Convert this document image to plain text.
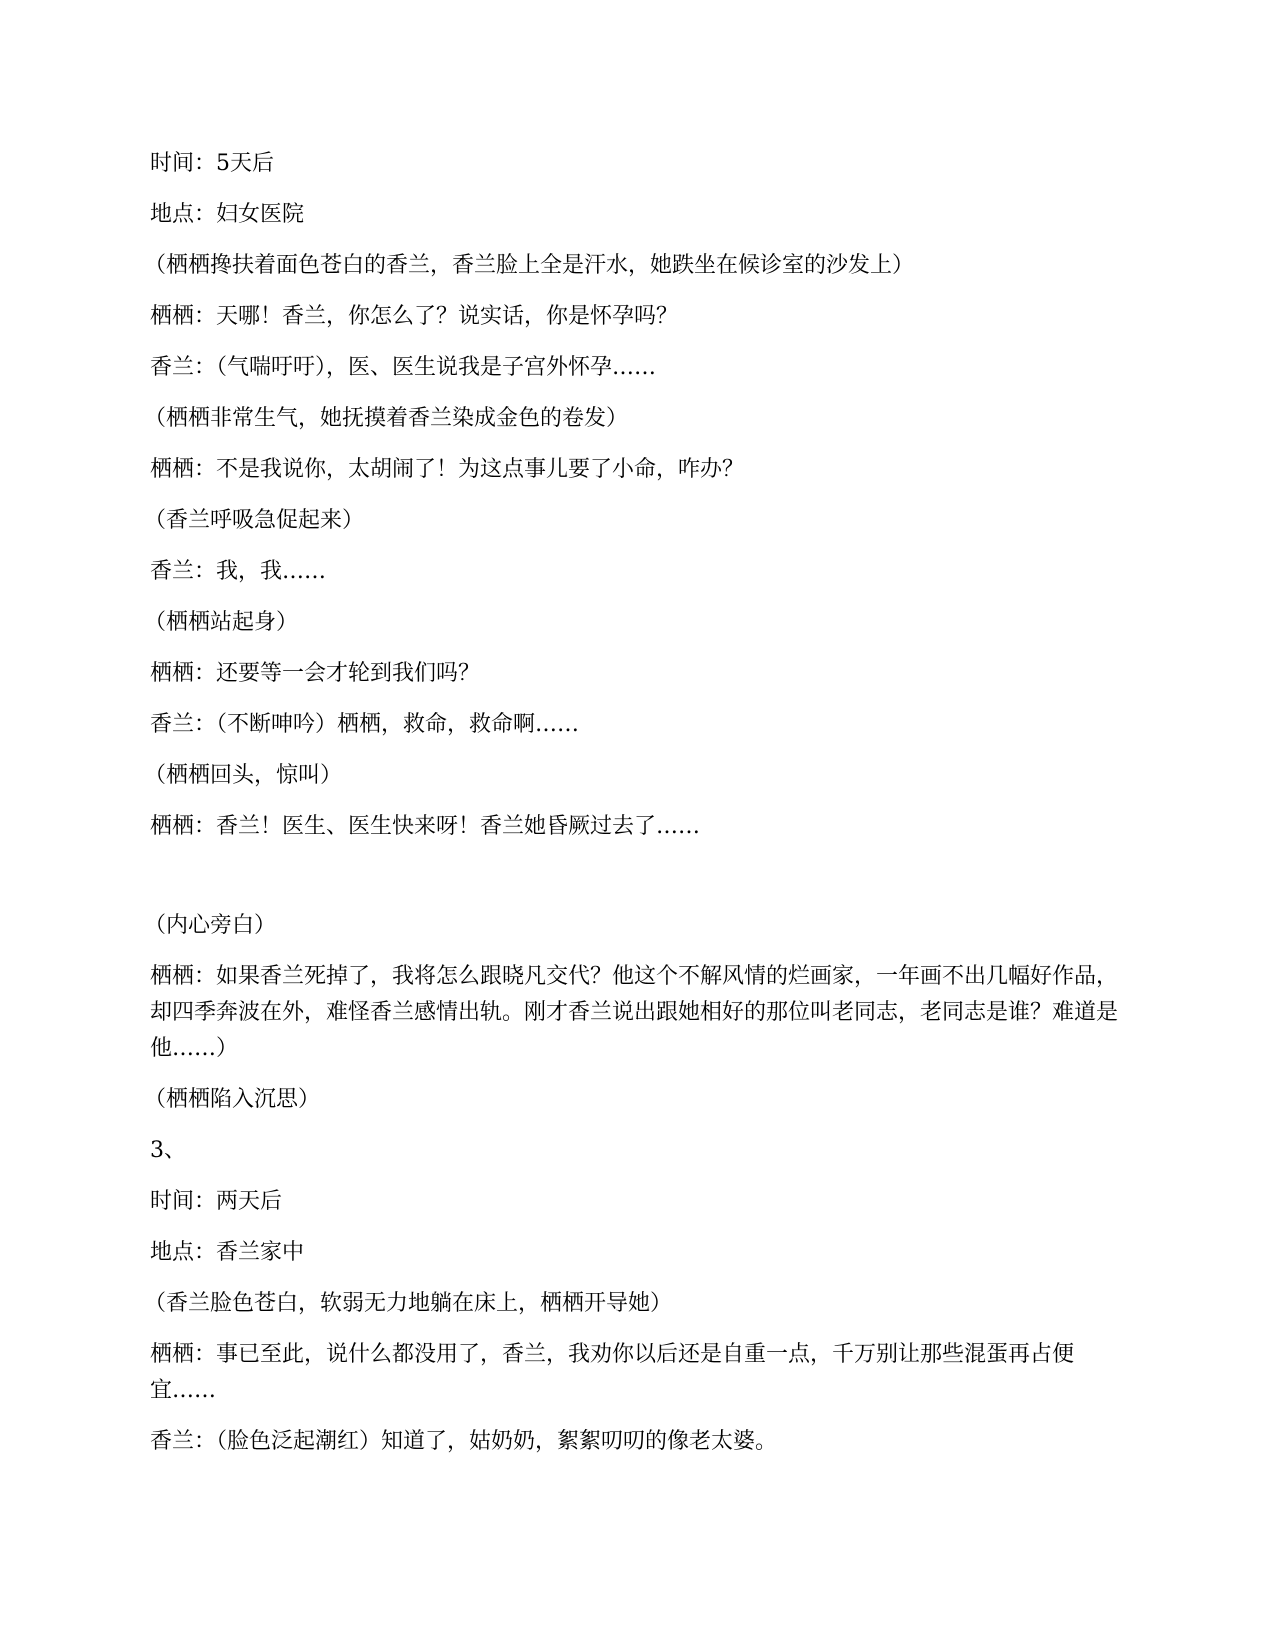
时间：5天后

地点：妇女医院

（栖栖搀扶着面色苍白的香兰，香兰脸上全是汗水，她跌坐在候诊室的沙发上）

栖栖：天哪！香兰，你怎么了？说实话，你是怀孕吗？

香兰：（气喘吁吁），医、医生说我是子宫外怀孕……

（栖栖非常生气，她抚摸着香兰染成金色的卷发）

栖栖：不是我说你，太胡闹了！为这点事儿要了小命，咋办？

（香兰呼吸急促起来）

香兰：我，我……

（栖栖站起身）

栖栖：还要等一会才轮到我们吗？

香兰：（不断呻吟）栖栖，救命，救命啊……

（栖栖回头，惊叫）

栖栖：香兰！医生、医生快来呀！香兰她昏厥过去了……

（内心旁白）

栖栖：如果香兰死掉了，我将怎么跟晓凡交代？他这个不解风情的烂画家，一年画不出几幅好作品，却四季奔波在外，难怪香兰感情出轨。刚才香兰说出跟她相好的那位叫老同志，老同志是谁？难道是他……）

（栖栖陷入沉思）

3、

时间：两天后

地点：香兰家中

（香兰脸色苍白，软弱无力地躺在床上，栖栖开导她）

栖栖：事已至此，说什么都没用了，香兰，我劝你以后还是自重一点，千万别让那些混蛋再占便宜……

香兰：（脸色泛起潮红）知道了，姑奶奶，絮絮叨叨的像老太婆。
